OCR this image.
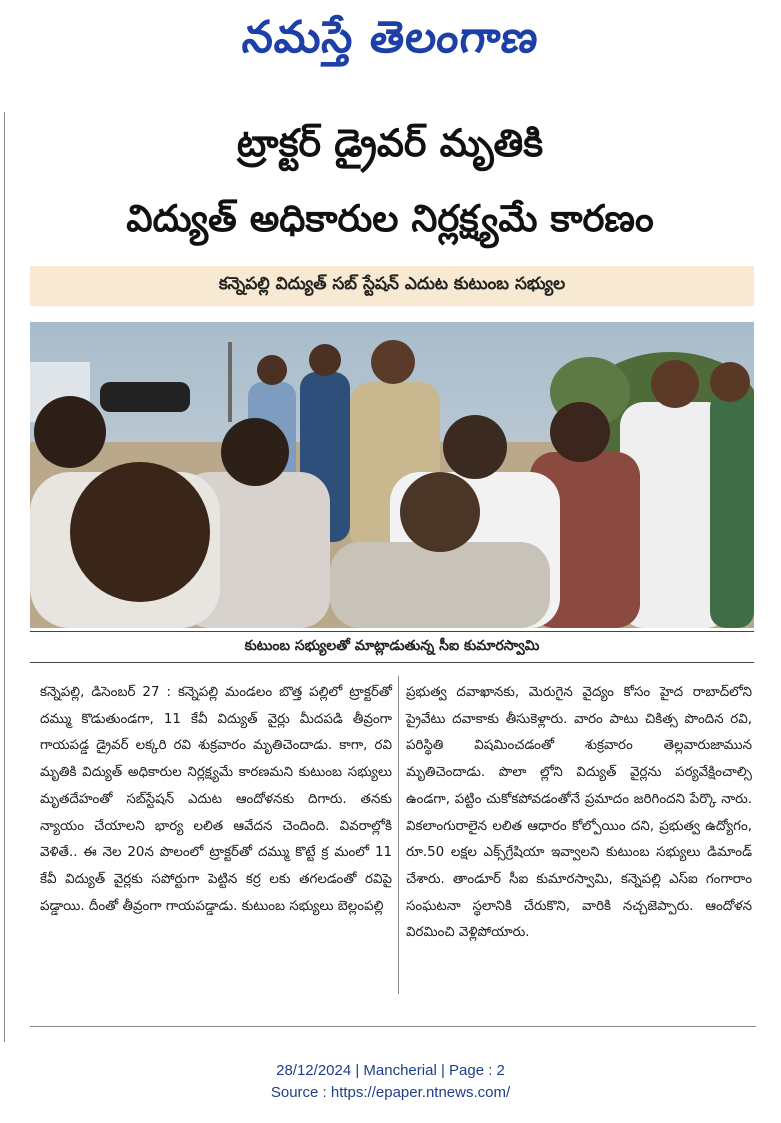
నమస్తే తెలంగాణ
ట్రాక్టర్ డ్రైవర్ మృతికి
విద్యుత్ అధికారుల నిర్లక్ష్యమే కారణం
కన్నెపల్లి విద్యుత్ సబ్ స్టేషన్ ఎదుట కుటుంబ సభ్యుల
కుటుంబ సభ్యులతో మాట్లాడుతున్న సీఐ కుమారస్వామి

కన్నెపల్లి, డిసెంబర్ 27 : కన్నెపల్లి మండలం బొత్త పల్లిలో ట్రాక్టర్‌తో దమ్ము కొడుతుండగా, 11 కేవీ విద్యుత్ వైర్లు మీదపడి తీవ్రంగా గాయపడ్డ డ్రైవర్ లక్కరి రవి శుక్రవారం మృతిచెందాడు. కాగా, రవి మృతికి విద్యుత్ అధికారుల నిర్లక్ష్యమే కారణమని కుటుంబ సభ్యులు మృతదేహంతో సబ్‌స్టేషన్ ఎదుట ఆందోళనకు దిగారు. తనకు న్యాయం చేయాలని భార్య లలిత ఆవేదన చెందింది. వివరాల్లోకి వెళితే.. ఈ నెల 20న పొలంలో ట్రాక్టర్‌తో దమ్ము కొట్టే క్ర మంలో 11 కేవీ విద్యుత్ వైర్లకు సపోర్టుగా పెట్టిన కర్ర లకు తగలడంతో రవిపై పడ్డాయి. దీంతో తీవ్రంగా గాయపడ్డాడు. కుటుంబ సభ్యులు బెల్లంపల్లి

ప్రభుత్వ దవాఖానకు, మెరుగైన వైద్యం కోసం హైద రాబాద్‌లోని ప్రైవేటు దవాకాకు తీసుకెళ్లారు. వారం పాటు చికిత్స పొందిన రవి, పరిస్థితి విషమించడంతో శుక్రవారం తెల్లవారుజామున మృతిచెందాడు. పొలా ల్లోని విద్యుత్ వైర్లను పర్యవేక్షించాల్సి ఉండగా, పట్టిం చుకోకపోవడంతోనే ప్రమాదం జరిగిందని పేర్కొ నారు. వికలాంగురాలైన లలిత ఆధారం కోల్పోయిం దని, ప్రభుత్వ ఉద్యోగం, రూ.50 లక్షల ఎక్స్‌గ్రేషియా ఇవ్వాలని కుటుంబ సభ్యులు డిమాండ్ చేశారు. తాండూర్ సీఐ కుమారస్వామి, కన్నెపల్లి ఎస్ఐ గంగారాం సంఘటనా స్థలానికి చేరుకొని, వారికి నచ్చజెప్పారు. ఆందోళన విరమించి వెళ్లిపోయారు.

28/12/2024 | Mancherial | Page : 2
Source : https://epaper.ntnews.com/
